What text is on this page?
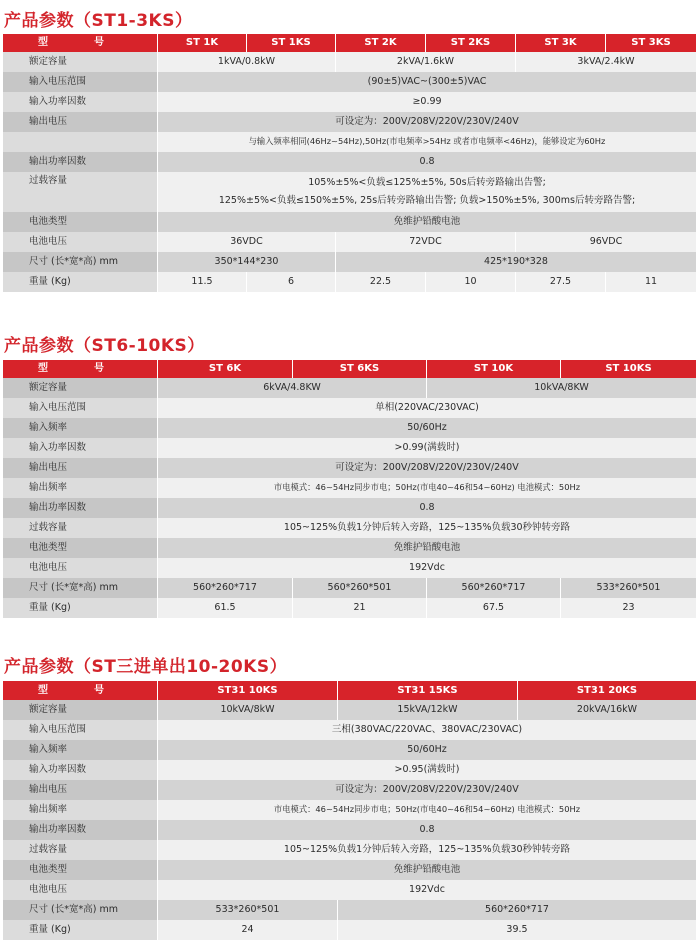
产品参数（ST1-3KS）
型　号	ST 1K	ST 1KS	ST 2K	ST 2KS	ST 3K	ST 3KS
额定容量	1kVA/0.8kW		2kVA/1.6kW		3kVA/2.4kW	
输入电压范围	(90±5)VAC~(300±5)VAC					
输入功率因数	≥0.99					
输出电压	可设定为：200V/208V/220V/230V/240V					
	与输入频率相同(46Hz~54Hz),50Hz(市电频率>54Hz 或者市电频率<46Hz)，能够设定为60Hz					
输出功率因数	0.8					
过载容量	105%±5%<负载≤125%±5%, 50s后转旁路输出告警;
125%±5%<负载≤150%±5%, 25s后转旁路输出告警; 负载>150%±5%, 300ms后转旁路告警;					

电池类型	免维护铅酸电池					
电池电压	36VDC		72VDC		96VDC	
尺寸 (长*宽*高) mm	350*144*230		425*190*328			
重量 (Kg)	11.5	6	22.5	10	27.5	11
产品参数（ST6-10KS）
型　号	ST 6K	ST 6KS	ST 10K	ST 10KS
额定容量	6kVA/4.8KW		10kVA/8KW	
输入电压范围	单相(220VAC/230VAC)			
输入频率	50/60Hz			
输入功率因数	>0.99(满载时)			
输出电压	可设定为：200V/208V/220V/230V/240V			
输出频率	市电模式：46~54Hz同步市电；50Hz(市电40~46和54~60Hz) 电池模式：50Hz			
输出功率因数	0.8			
过载容量	105~125%负载1分钟后转入旁路，125~135%负载30秒钟转旁路			
电池类型	免维护铅酸电池			
电池电压	192Vdc			
尺寸 (长*宽*高) mm	560*260*717	560*260*501	560*260*717	533*260*501
重量 (Kg)	61.5	21	67.5	23
产品参数（ST三进单出10-20KS）
型　号	ST31 10KS	ST31 15KS	ST31 20KS
额定容量	10kVA/8kW	15kVA/12kW	20kVA/16kW
输入电压范围	三相(380VAC/220VAC、380VAC/230VAC)		
输入频率	50/60Hz		
输入功率因数	>0.95(满载时)		
输出电压	可设定为：200V/208V/220V/230V/240V		
输出频率	市电模式：46~54Hz同步市电；50Hz(市电40~46和54~60Hz) 电池模式：50Hz		
输出功率因数	0.8		
过载容量	105~125%负载1分钟后转入旁路，125~135%负载30秒钟转旁路		
电池类型	免维护铅酸电池		
电池电压	192Vdc		
尺寸 (长*宽*高) mm	533*260*501	560*260*717	
重量 (Kg)	24	39.5	
